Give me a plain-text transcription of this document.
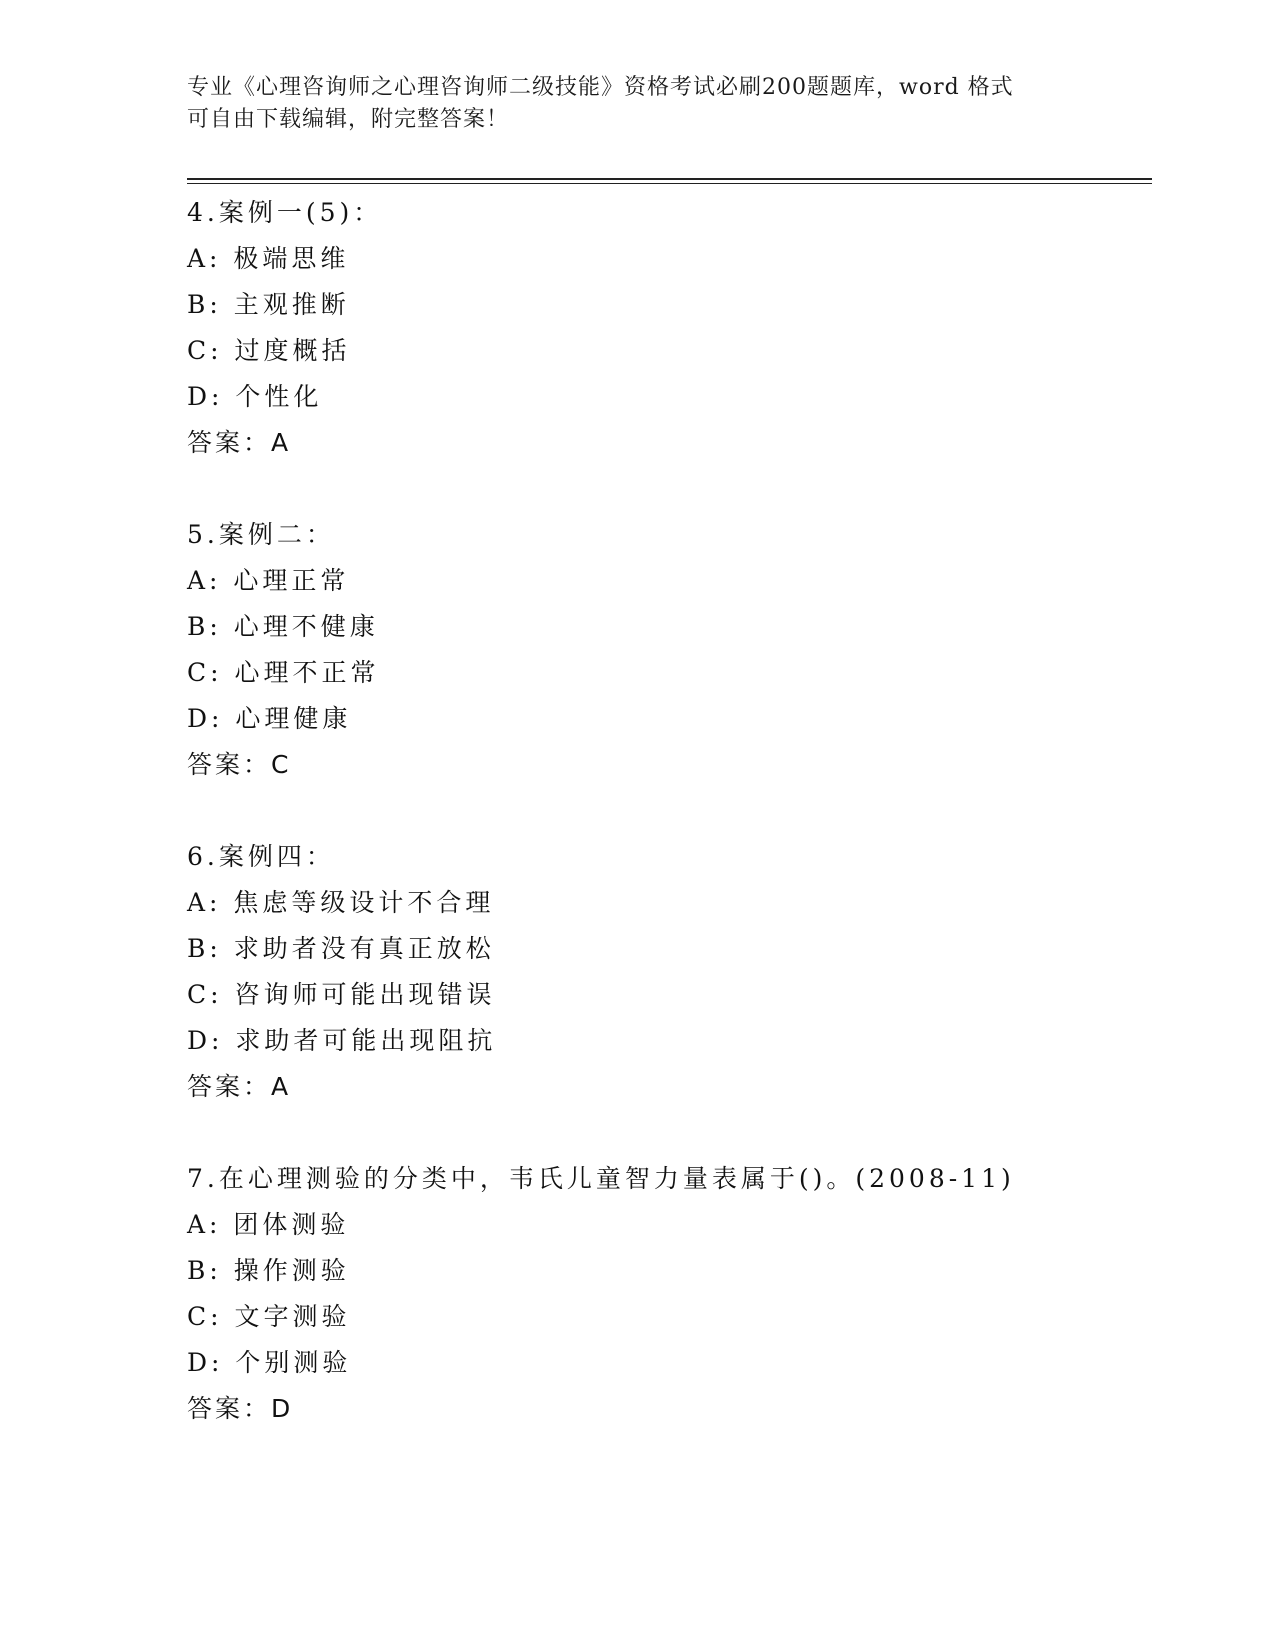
专业《心理咨询师之心理咨询师二级技能》资格考试必刷200题题库，word 格式
可自由下载编辑，附完整答案！
4.案例一(5)：
A: 极端思维
B: 主观推断
C: 过度概括
D: 个性化
答案：A
5.案例二：
A: 心理正常
B: 心理不健康
C: 心理不正常
D: 心理健康
答案：C
6.案例四：
A: 焦虑等级设计不合理
B: 求助者没有真正放松
C: 咨询师可能出现错误
D: 求助者可能出现阻抗
答案：A
7.在心理测验的分类中，韦氏儿童智力量表属于()。(2008-11)
A: 团体测验
B: 操作测验
C: 文字测验
D: 个别测验
答案：D
